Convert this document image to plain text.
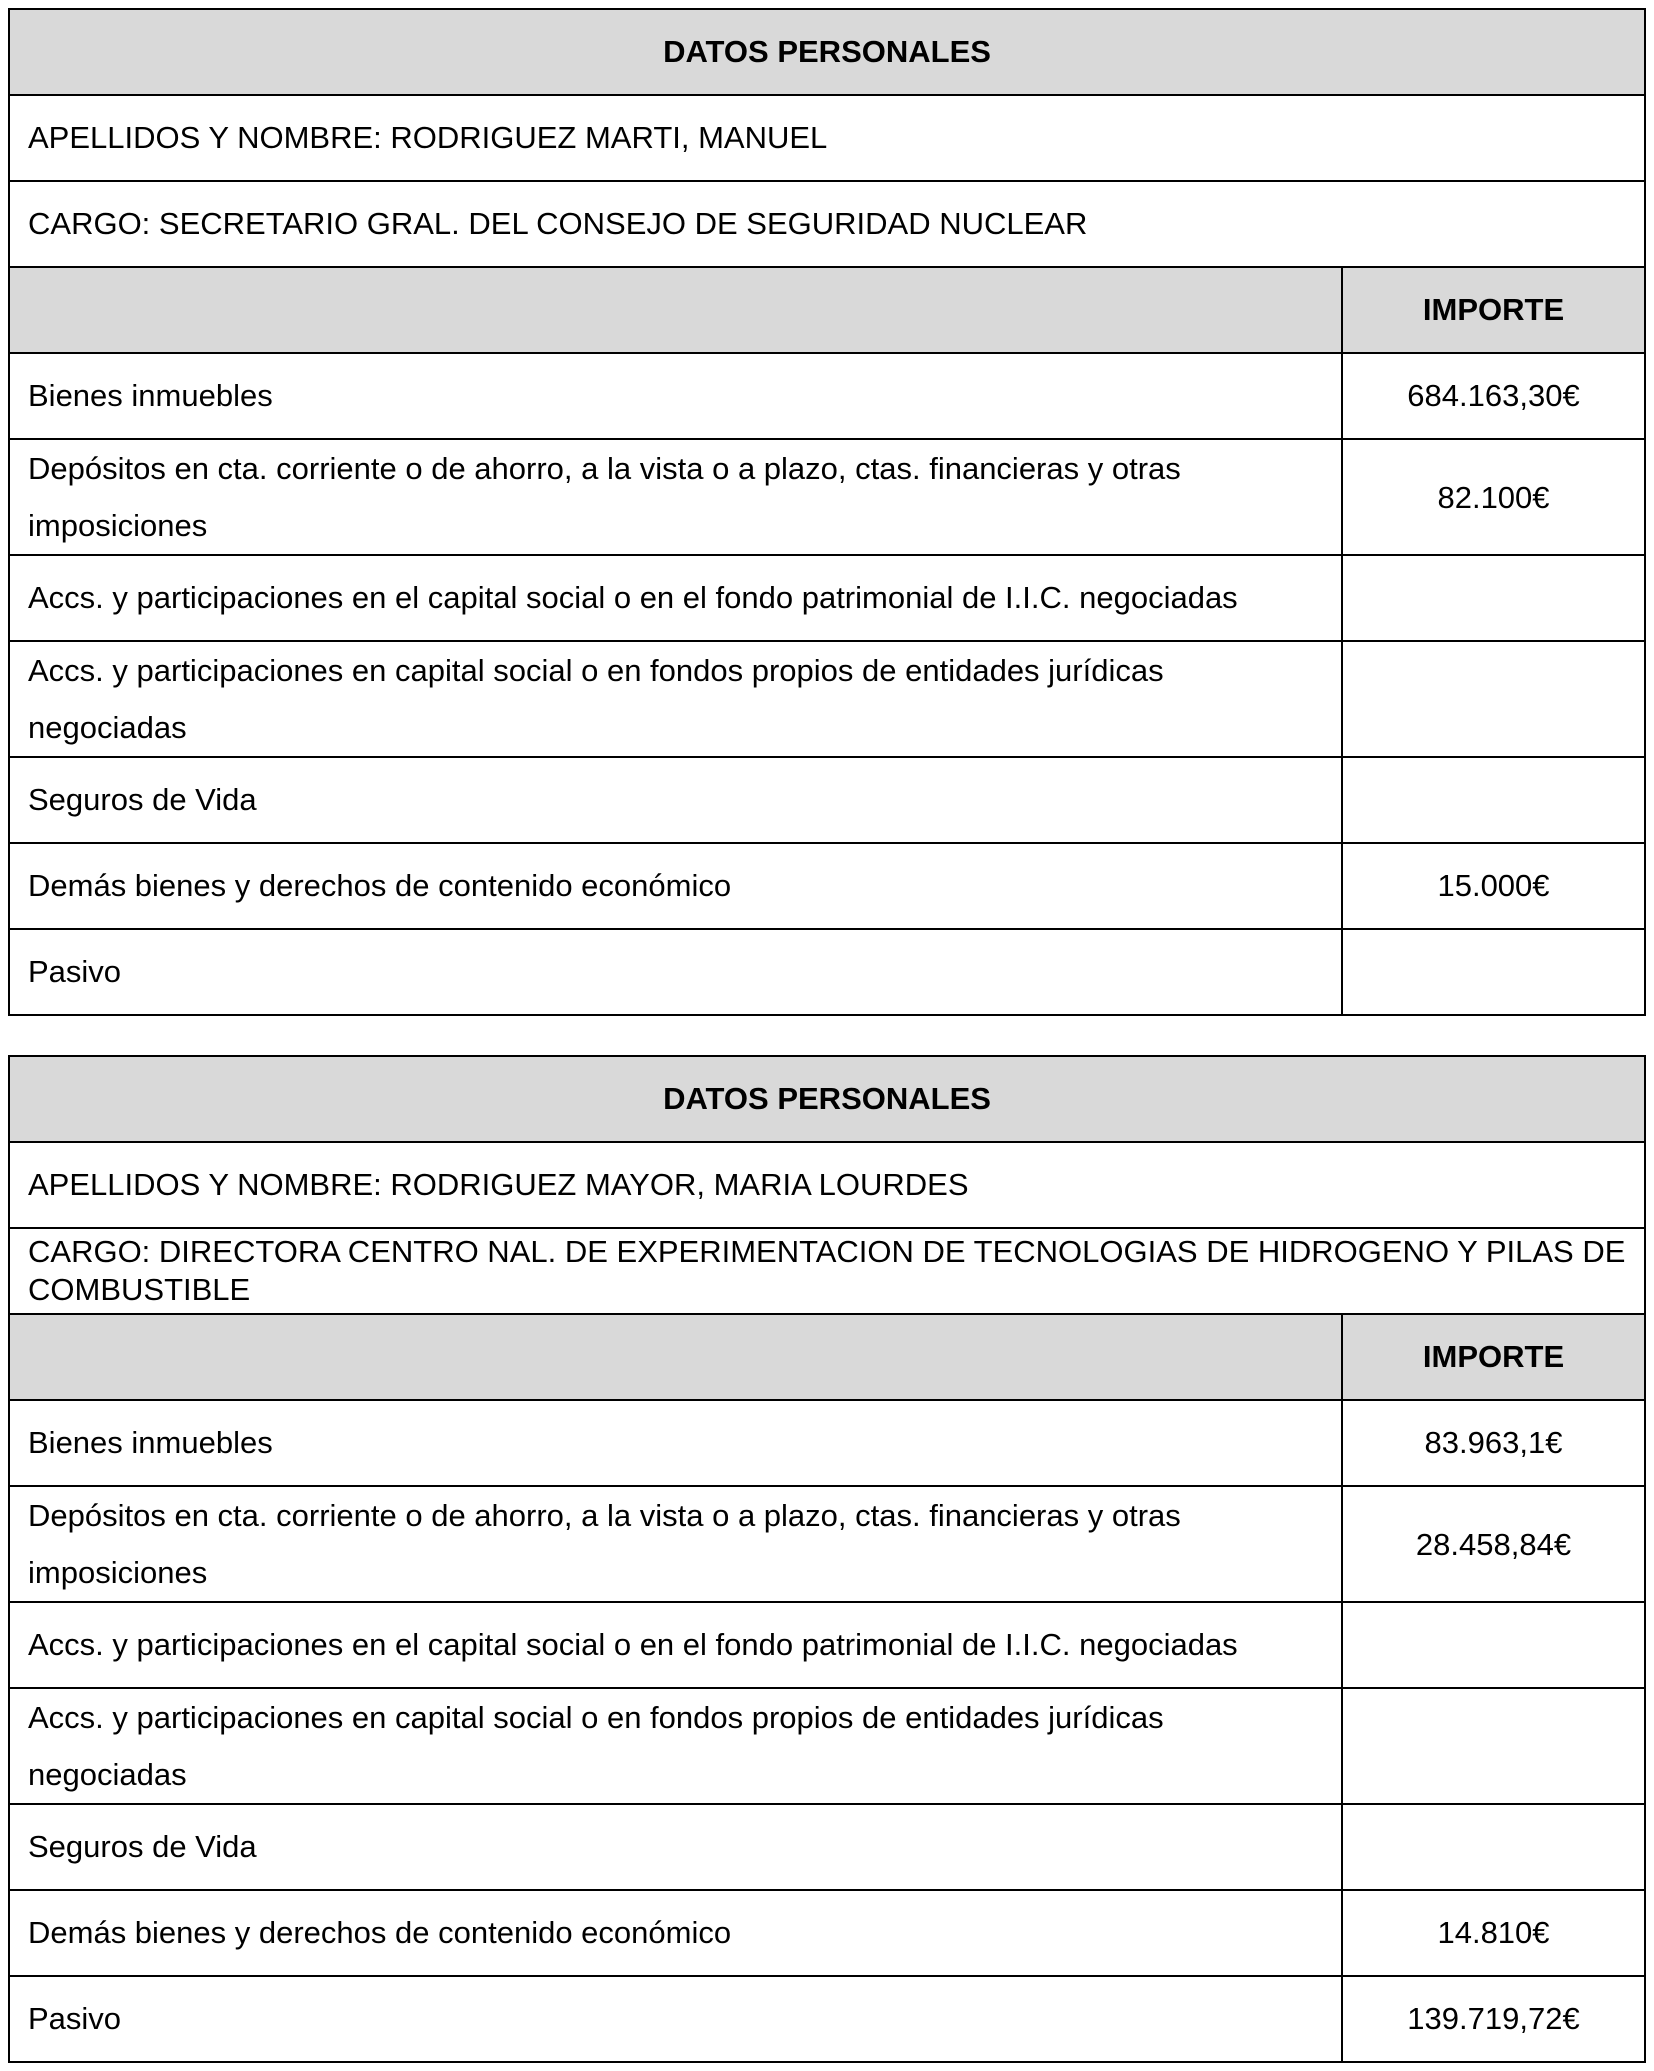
DATOS PERSONALES	
APELLIDOS Y NOMBRE: RODRIGUEZ MARTI, MANUEL	
CARGO: SECRETARIO GRAL. DEL CONSEJO DE SEGURIDAD NUCLEAR	
	IMPORTE
Bienes inmuebles	684.163,30€
Depósitos en cta. corriente o de ahorro, a la vista o a plazo, ctas. financieras y otras imposiciones	82.100€
Accs. y participaciones en el capital social o en el fondo patrimonial de I.I.C. negociadas	
Accs. y participaciones en capital social o en fondos propios de entidades jurídicas negociadas	
Seguros de Vida	
Demás bienes y derechos de contenido económico	15.000€
Pasivo	
DATOS PERSONALES	
APELLIDOS Y NOMBRE: RODRIGUEZ MAYOR, MARIA LOURDES	
CARGO: DIRECTORA CENTRO NAL. DE EXPERIMENTACION DE TECNOLOGIAS DE HIDROGENO Y PILAS DE COMBUSTIBLE	
	IMPORTE
Bienes inmuebles	83.963,1€
Depósitos en cta. corriente o de ahorro, a la vista o a plazo, ctas. financieras y otras imposiciones	28.458,84€
Accs. y participaciones en el capital social o en el fondo patrimonial de I.I.C. negociadas	
Accs. y participaciones en capital social o en fondos propios de entidades jurídicas negociadas	
Seguros de Vida	
Demás bienes y derechos de contenido económico	14.810€
Pasivo	139.719,72€
